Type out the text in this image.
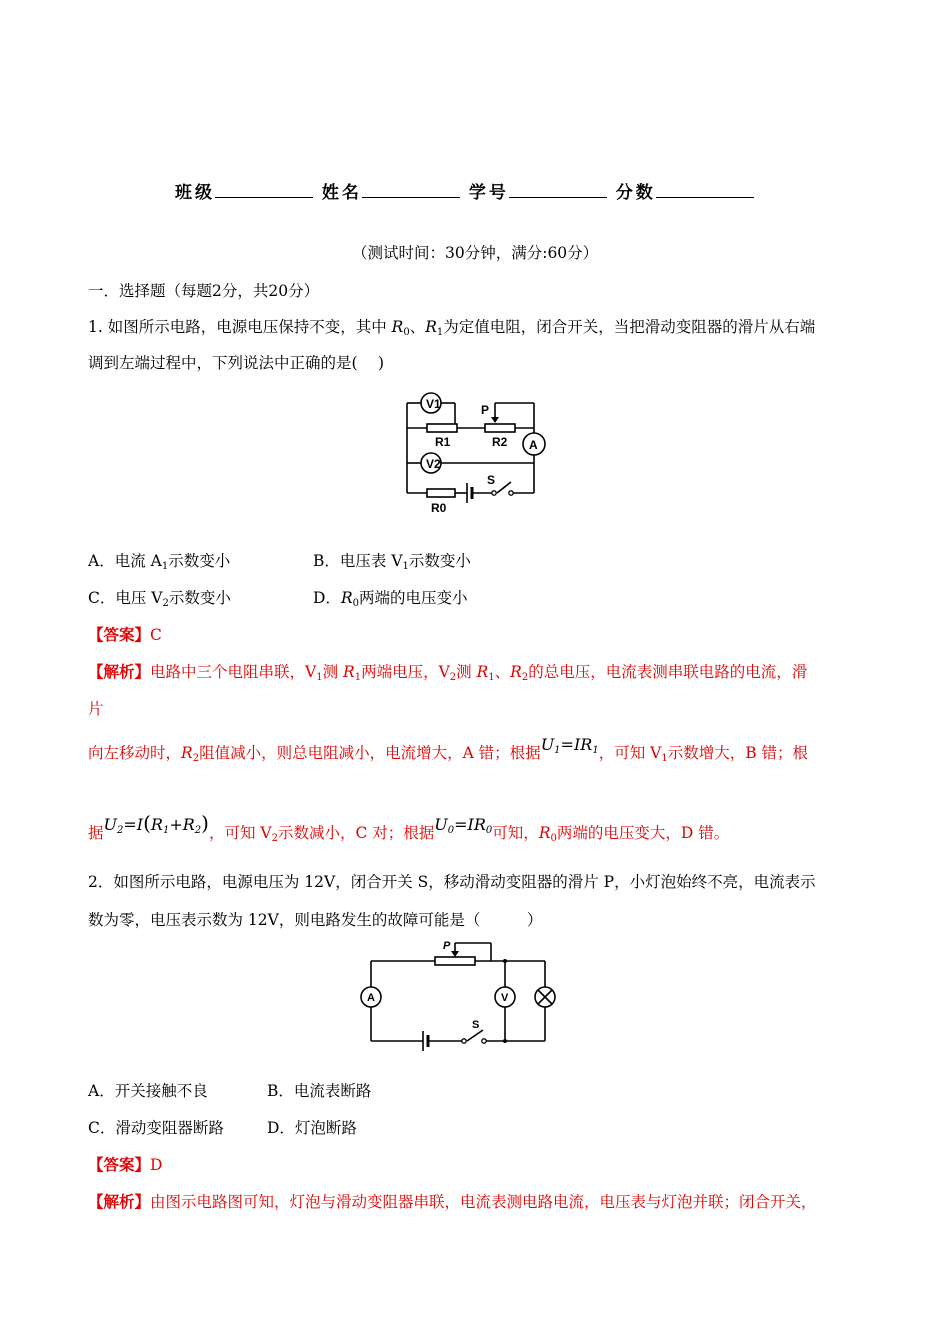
班级	姓名	学号	分数
（测试时间：30分钟，满分:60分）
一．选择题（每题2分，共20分）
1. 如图所示电路，电源电压保持不变，其中 $R_0$、$R_1$为定值电阻，闭合开关，当把滑动变阻器的滑片从右端
调到左端过程中，下列说法中正确的是(　 )
V1
V2
A
P
R1	R2
R0
S
A．电流 $A_1$示数变小	B．电压表 $V_1$示数变小
C．电压 $V_2$示数变小	D．$R_0$两端的电压变小
【答案】C
【解析】电路中三个电阻串联，$V_1$测 $R_1$两端电压，$V_2$测 $R_1$、$R_2$的总电压，电流表测串联电路的电流，滑
片
向左移动时，$R_2$阻值减小，则总电阻减小，电流增大，A 错；根据$U_1=IR_1$，可知 $V_1$示数增大，B 错；根
据$U_2=I(R_1+R_2)$，可知 $V_2$示数减小，C 对；根据$U_0=IR_0$可知，$R_0$两端的电压变大，D 错。
2．如图所示电路，电源电压为 12V，闭合开关 S，移动滑动变阻器的滑片 P，小灯泡始终不亮，电流表示
数为零，电压表示数为 12V，则电路发生的故障可能是（　　　）
A	V
P
S
A．开关接触不良	B．电流表断路
C．滑动变阻器断路	D．灯泡断路
【答案】D
【解析】由图示电路图可知，灯泡与滑动变阻器串联，电流表测电路电流，电压表与灯泡并联；闭合开关，
